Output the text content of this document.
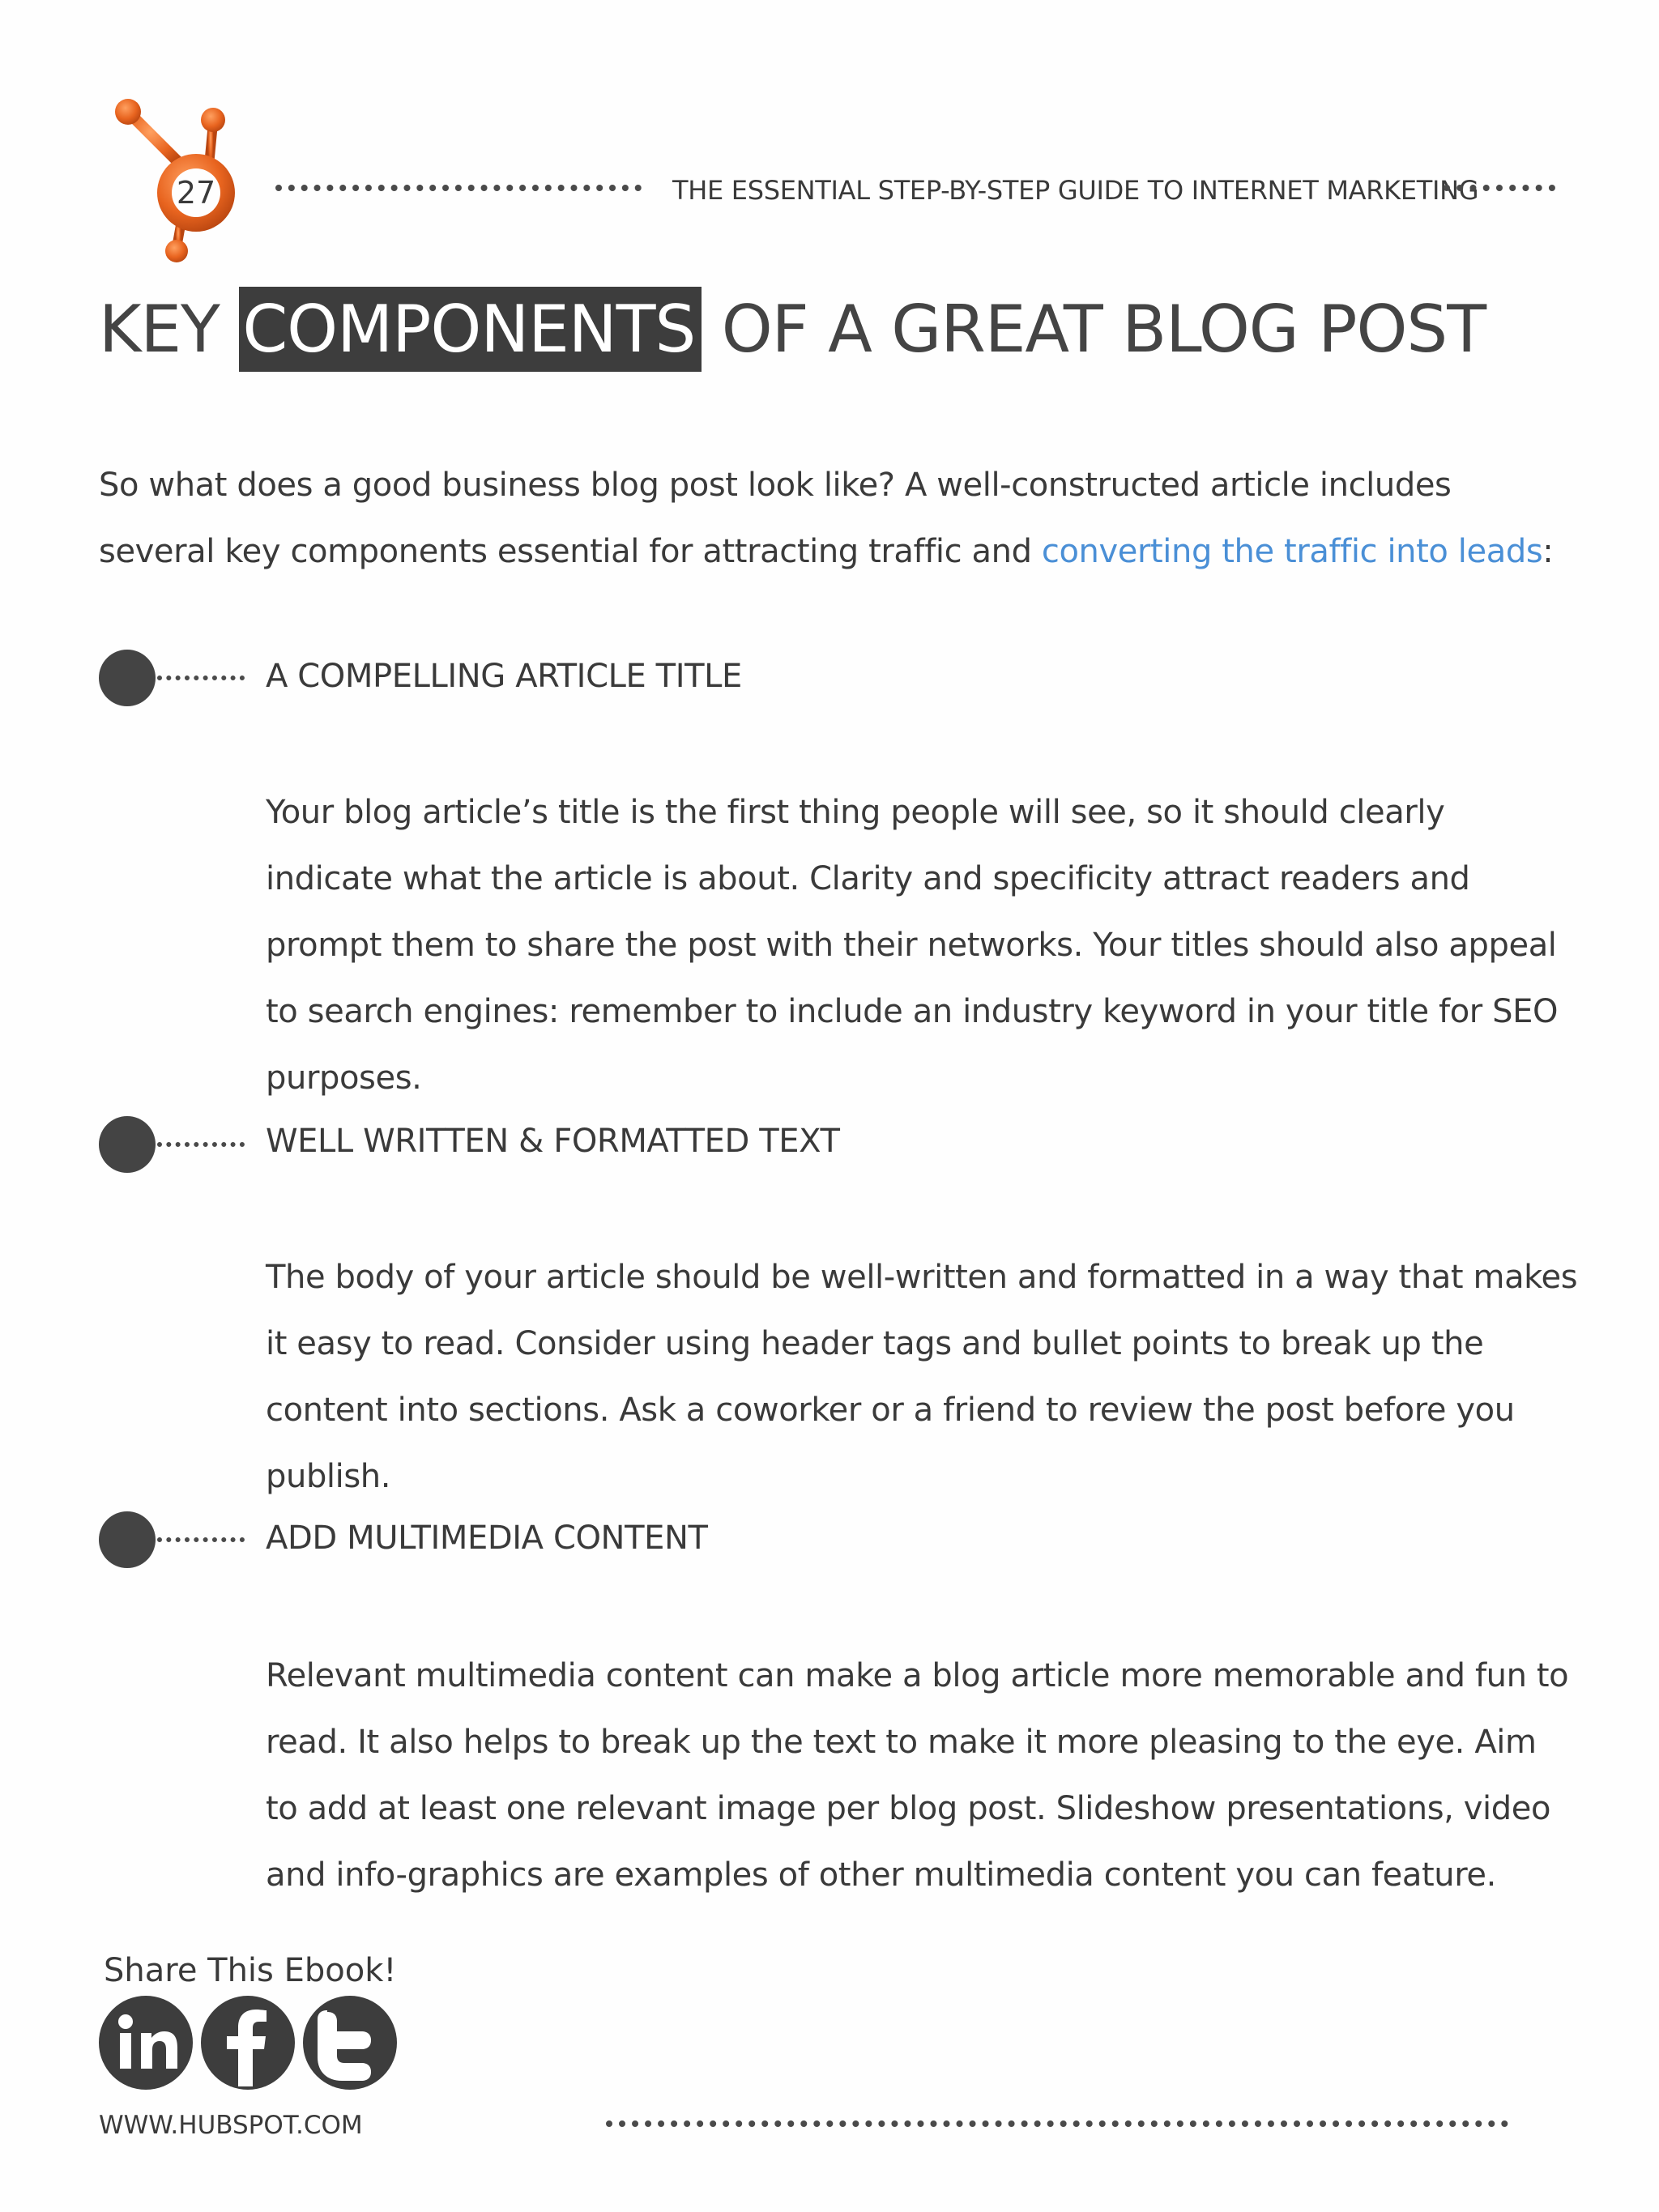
27	THE ESSENTIAL STEP-BY-STEP GUIDE TO INTERNET MARKETING
KEY COMPONENTS OF A GREAT BLOG POST
So what does a good business blog post look like? A well-constructed article includes several key components essential for attracting traffic and converting the traffic into leads:
A COMPELLING ARTICLE TITLE
Your blog article’s title is the first thing people will see, so it should clearly indicate what the article is about. Clarity and specificity attract readers and prompt them to share the post with their networks. Your titles should also appeal to search engines: remember to include an industry keyword in your title for SEO purposes.
WELL WRITTEN & FORMATTED TEXT
The body of your article should be well-written and formatted in a way that makes it easy to read. Consider using header tags and bullet points to break up the content into sections. Ask a coworker or a friend to review the post before you publish.
ADD MULTIMEDIA CONTENT
Relevant multimedia content can make a blog article more memorable and fun to read. It also helps to break up the text to make it more pleasing to the eye. Aim to add at least one relevant image per blog post. Slideshow presentations, video and info-graphics are examples of other multimedia content you can feature.
Share This Ebook!
WWW.HUBSPOT.COM
